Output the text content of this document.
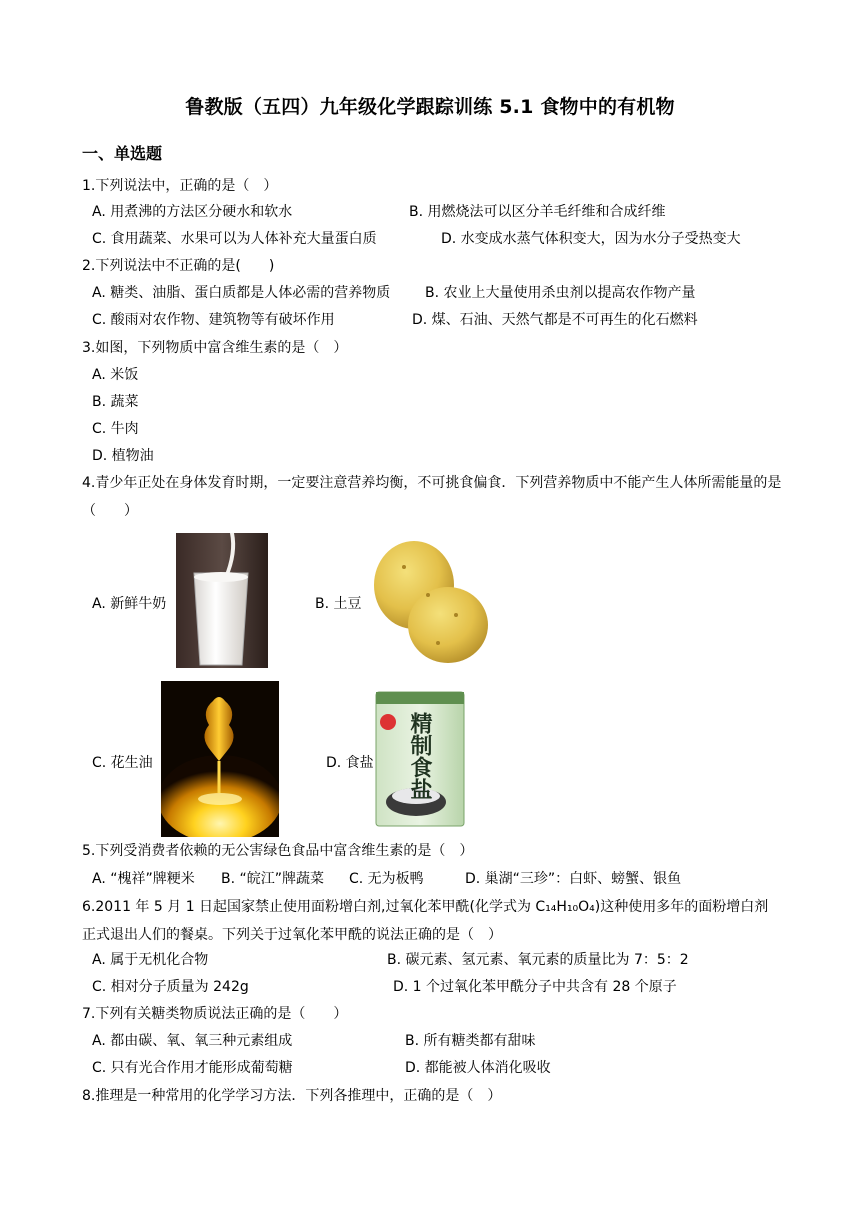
鲁教版（五四）九年级化学跟踪训练 5.1 食物中的有机物
一、单选题
1.下列说法中，正确的是（　）
A. 用煮沸的方法区分硬水和软水	B. 用燃烧法可以区分羊毛纤维和合成纤维
C. 食用蔬菜、水果可以为人体补充大量蛋白质	D. 水变成水蒸气体积变大，因为水分子受热变大
2.下列说法中不正确的是(　　)
A. 糖类、油脂、蛋白质都是人体必需的营养物质 B. 农业上大量使用杀虫剂以提高农作物产量
C. 酸雨对农作物、建筑物等有破坏作用	D. 煤、石油、天然气都是不可再生的化石燃料
3.如图，下列物质中富含维生素的是（　）
A. 米饭
B. 蔬菜
C. 牛肉
D. 植物油
4.青少年正处在身体发育时期，一定要注意营养均衡，不可挑食偏食．下列营养物质中不能产生人体所需能量的是（　　）
A. 新鲜牛奶	B. 土豆
C. 花生油	D. 食盐 精制食盐
5.下列受消费者依赖的无公害绿色食品中富含维生素的是（　）
A. “槐祥”牌粳米 B. “皖江”牌蔬菜 C. 无为板鸭	D. 巢湖“三珍”：白虾、螃蟹、银鱼
6.2011 年 5 月 1 日起国家禁止使用面粉增白剂,过氧化苯甲酰(化学式为 C₁₄H₁₀O₄)这种使用多年的面粉增白剂正式退出人们的餐桌。下列关于过氧化苯甲酰的说法正确的是（　）
A. 属于无机化合物	B. 碳元素、氢元素、氧元素的质量比为 7：5：2
C. 相对分子质量为 242g	D. 1 个过氧化苯甲酰分子中共含有 28 个原子
7.下列有关糖类物质说法正确的是（　　）
A. 都由碳、氧、氧三种元素组成	B. 所有糖类都有甜味
C. 只有光合作用才能形成葡萄糖	D. 都能被人体消化吸收
8.推理是一种常用的化学学习方法．下列各推理中，正确的是（　）
